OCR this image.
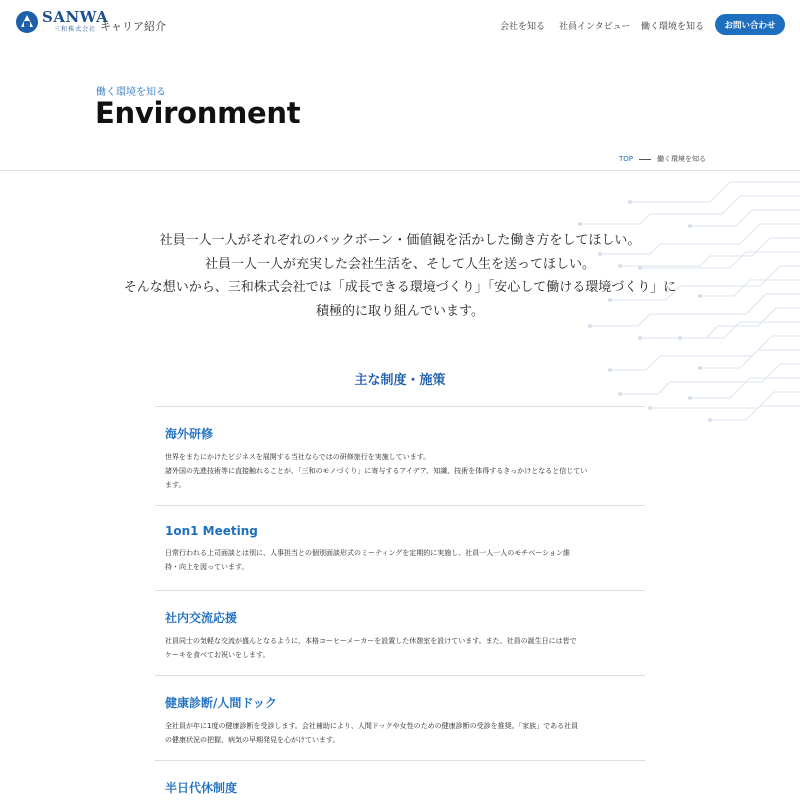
SANWA
三和株式会社 キャリア紹介	会社を知る 社員インタビュー 働く環境を知る	お問い合わせ
働く環境を知る
Environment
TOP	働く環境を知る

社員一人一人がそれぞれのバックボーン・価値観を活かした働き方をしてほしい。

社員一人一人が充実した会社生活を、そして人生を送ってほしい。

そんな想いから、三和株式会社では「成長できる環境づくり」「安心して働ける環境づくり」に

積極的に取り組んでいます。

主な制度・施策
海外研修
世界をまたにかけたビジネスを展開する当社ならではの研修旅行を実施しています。
諸外国の先進技術等に直接触れることが、「三和のモノづくり」に寄与するアイデア、知識、技術を体得するきっかけとなると信じてい
ます。
1on1 Meeting
日常行われる上司面談とは別に、人事担当との個別面談形式のミーティングを定期的に実施し、社員一人一人のモチベーション維
持・向上を図っています。
社内交流応援
社員同士の気軽な交流が盛んとなるように、本格コーヒーメーカーを設置した休憩室を設けています。また、社員の誕生日には皆で
ケーキを食べてお祝いをします。
健康診断/人間ドック
全社員が年に1度の健康診断を受診します。会社補助により、人間ドックや女性のための健康診断の受診を推奨。「家族」である社員
の健康状況の把握、病気の早期発見を心がけています。
半日代休制度
